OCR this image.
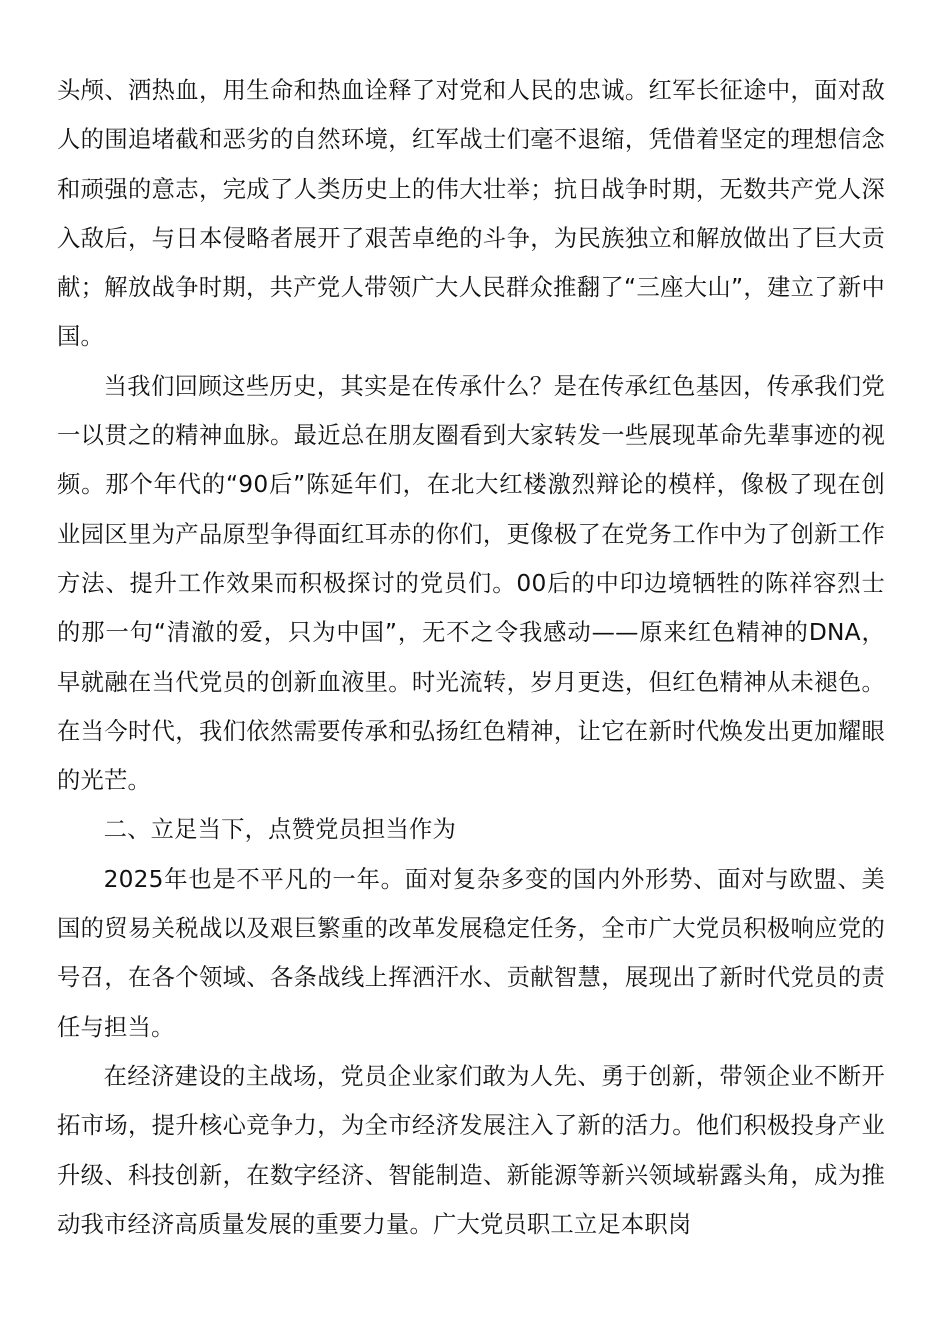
头颅、洒热血，用生命和热血诠释了对党和人民的忠诚。红军长征途中，面对敌人的围追堵截和恶劣的自然环境，红军战士们毫不退缩，凭借着坚定的理想信念和顽强的意志，完成了人类历史上的伟大壮举；抗日战争时期，无数共产党人深入敌后，与日本侵略者展开了艰苦卓绝的斗争，为民族独立和解放做出了巨大贡献；解放战争时期，共产党人带领广大人民群众推翻了“三座大山”，建立了新中国。

当我们回顾这些历史，其实是在传承什么？是在传承红色基因，传承我们党一以贯之的精神血脉。最近总在朋友圈看到大家转发一些展现革命先辈事迹的视频。那个年代的“90后”陈延年们，在北大红楼激烈辩论的模样，像极了现在创业园区里为产品原型争得面红耳赤的你们，更像极了在党务工作中为了创新工作方法、提升工作效果而积极探讨的党员们。00后的中印边境牺牲的陈祥容烈士的那一句“清澈的爱，只为中国”，无不之令我感动——原来红色精神的DNA，早就融在当代党员的创新血液里。时光流转，岁月更迭，但红色精神从未褪色。在当今时代，我们依然需要传承和弘扬红色精神，让它在新时代焕发出更加耀眼的光芒。

二、立足当下，点赞党员担当作为

2025年也是不平凡的一年。面对复杂多变的国内外形势、面对与欧盟、美国的贸易关税战以及艰巨繁重的改革发展稳定任务，全市广大党员积极响应党的号召，在各个领域、各条战线上挥洒汗水、贡献智慧，展现出了新时代党员的责任与担当。

在经济建设的主战场，党员企业家们敢为人先、勇于创新，带领企业不断开拓市场，提升核心竞争力，为全市经济发展注入了新的活力。他们积极投身产业升级、科技创新，在数字经济、智能制造、新能源等新兴领域崭露头角，成为推动我市经济高质量发展的重要力量。广大党员职工立足本职岗
